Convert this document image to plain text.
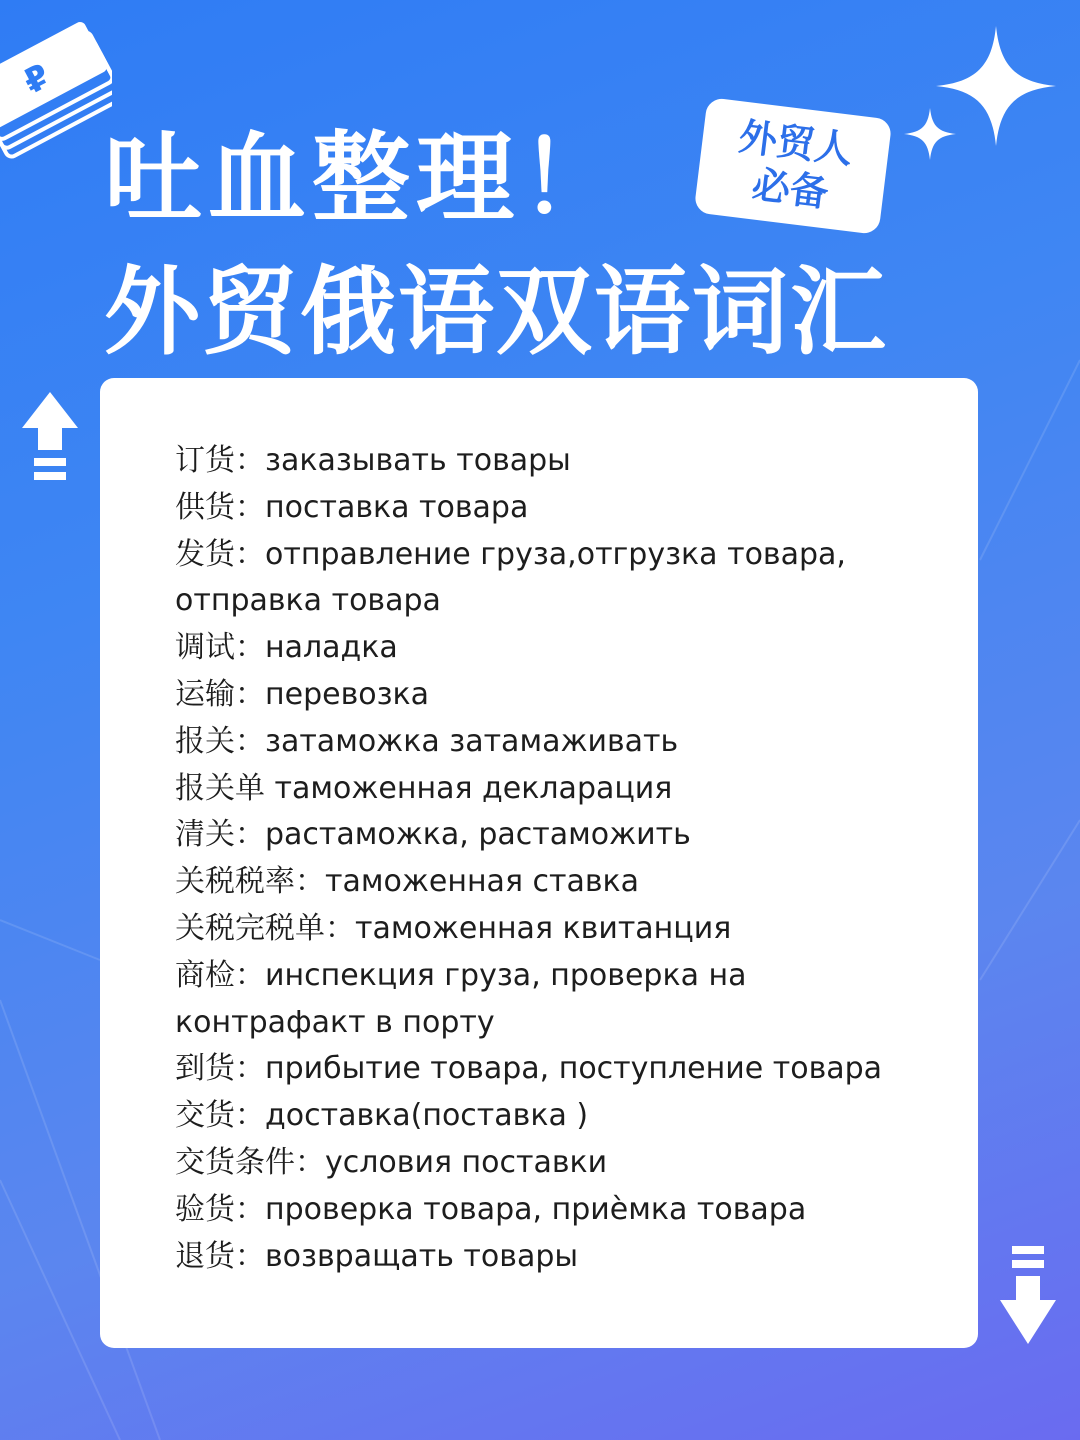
₽
吐血整理！
外贸俄语双语词汇
外贸人
必备
订货：заказывать товары
供货：поставка товара
发货：отправление груза,отгрузка товара,
отправка товара
调试：наладка
运输：перевозка
报关：затаможка затамаживать
报关单 таможенная декларация
清关：растаможка, растаможить
关税税率：таможенная ставка
关税完税单：таможенная квитанция
商检：инспекция груза, проверка на
контрафакт в порту
到货：прибытие товара, поступление товара
交货：доставка(поставка )
交货条件：условия поставки
验货：проверка товара, приѐмка товара
退货：возвращать товары
